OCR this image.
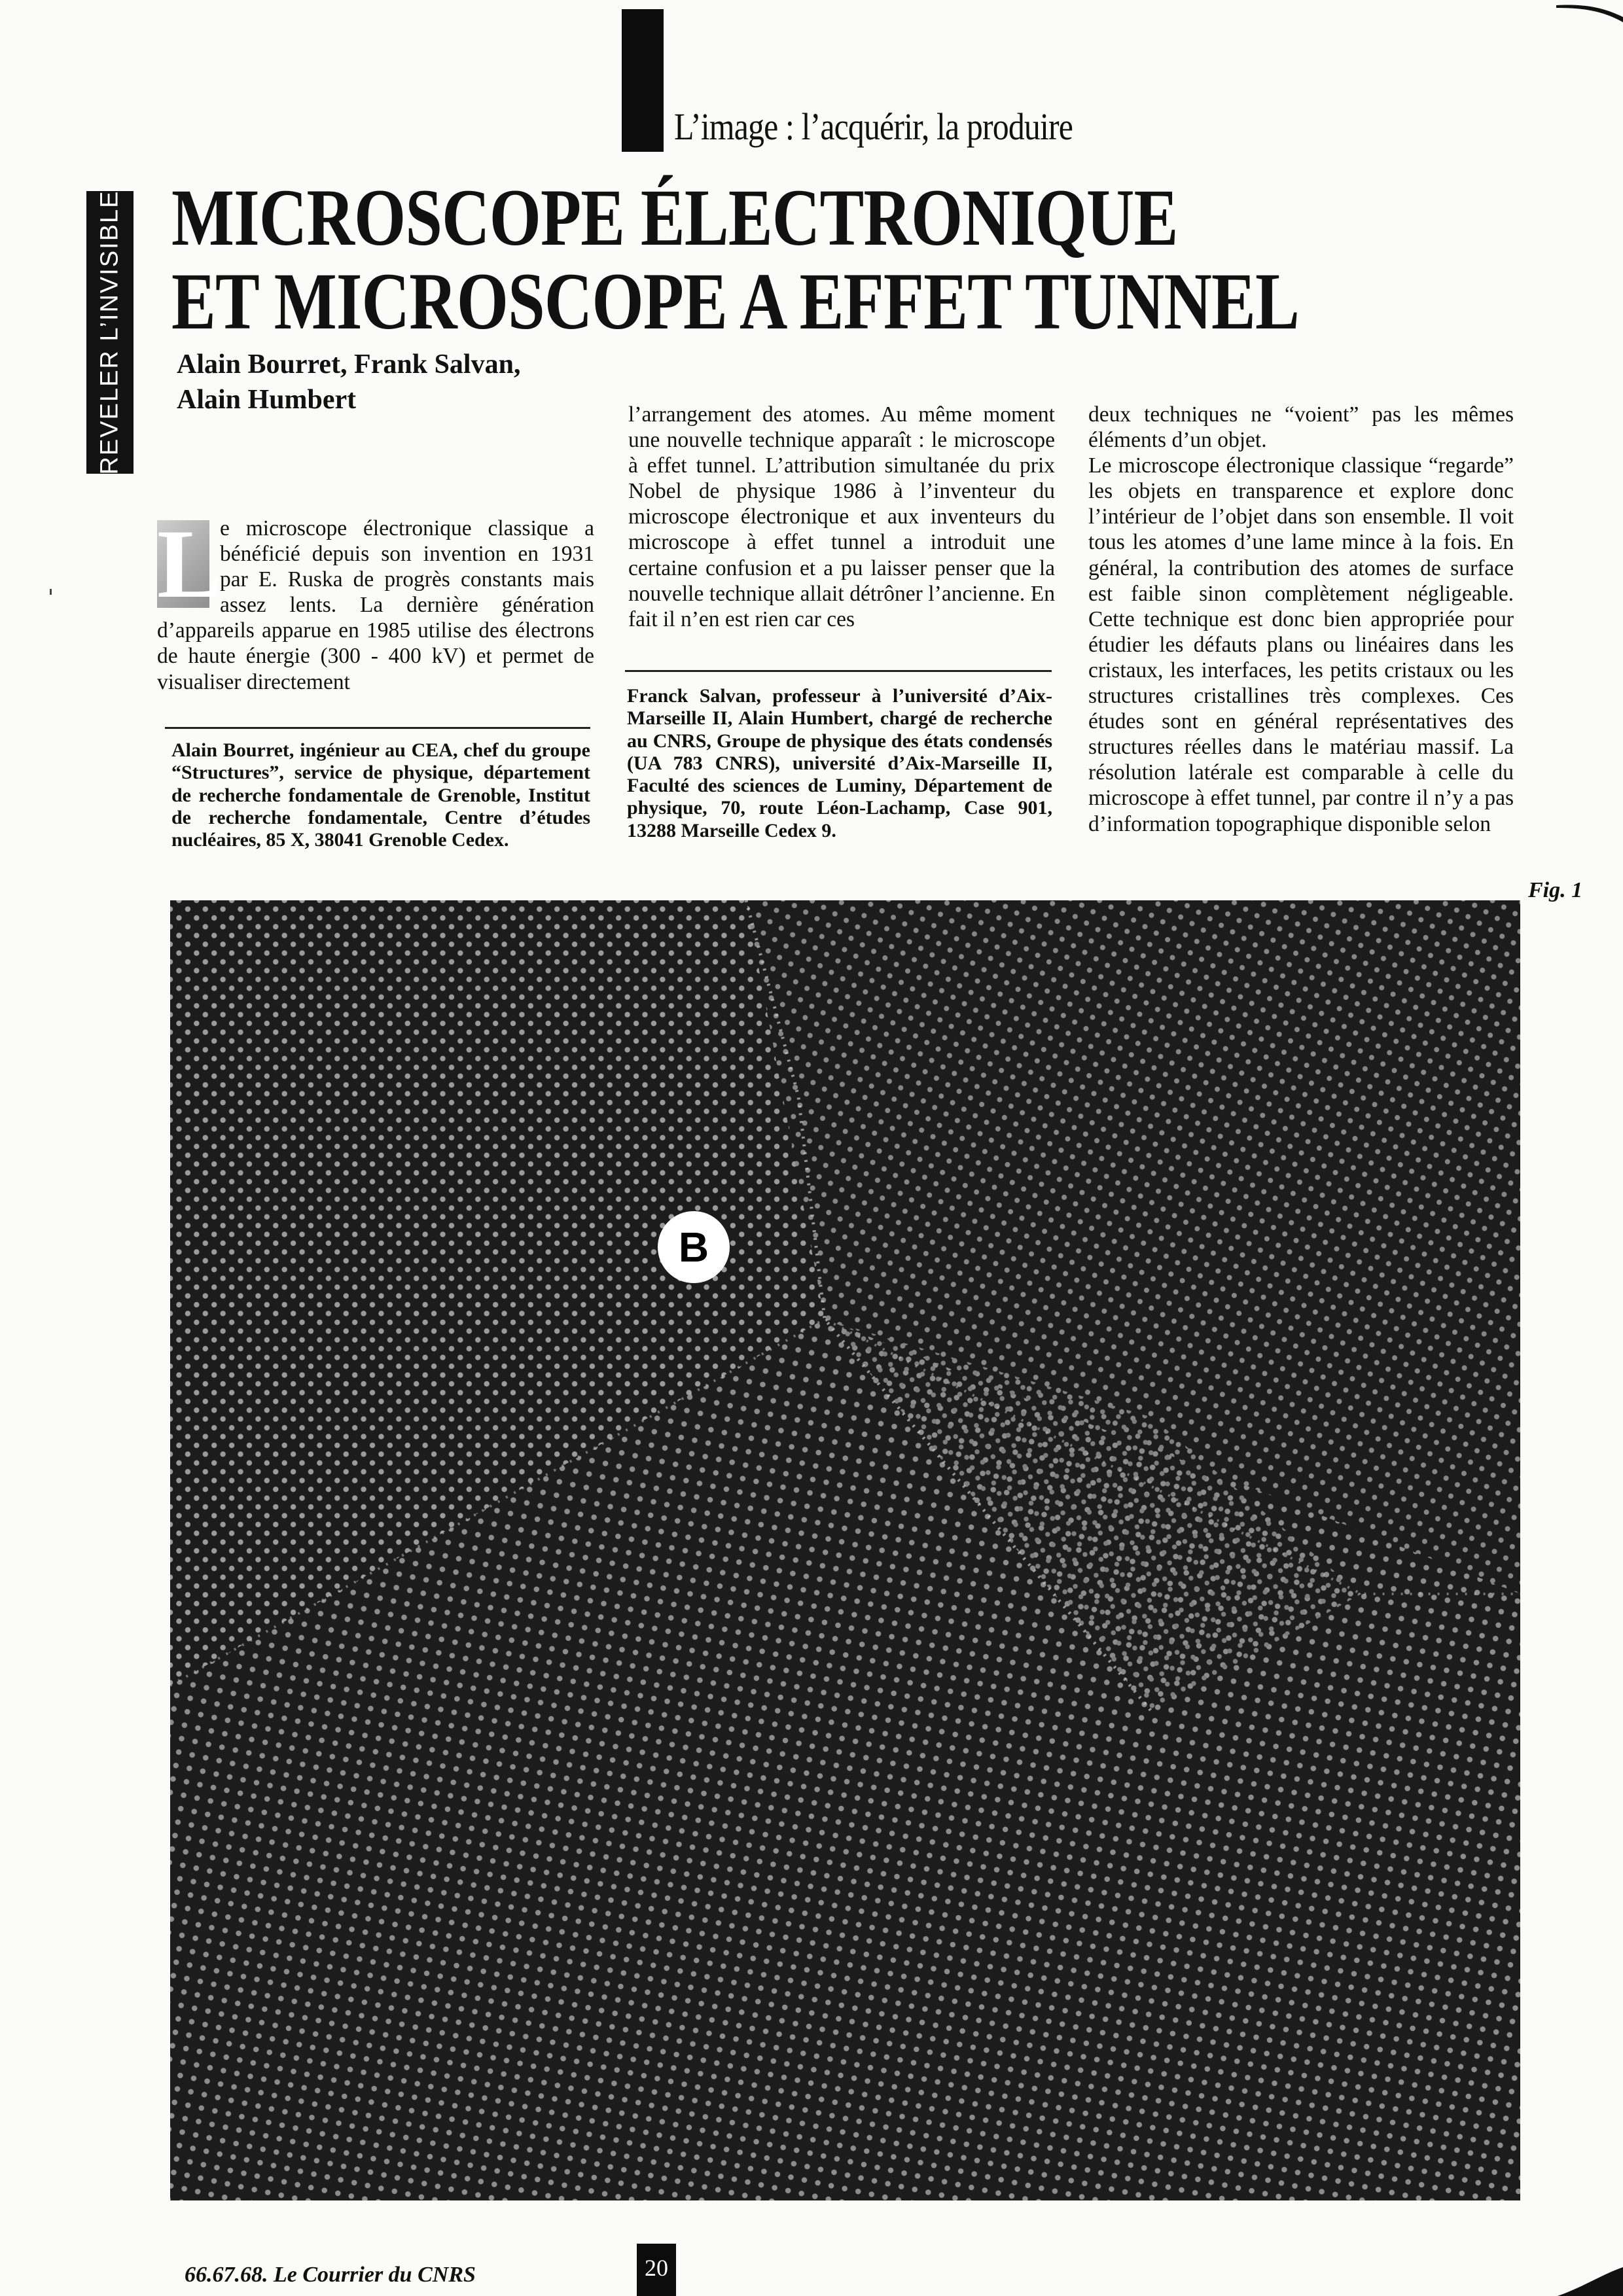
L’image : l’acquérir, la produire
REVELER L’INVISIBLE MICROSCOPE ÉLECTRONIQUE
ET MICROSCOPE A EFFET TUNNEL
Alain Bourret, Frank Salvan,
Alain Humbert
L

e microscope électronique classique a bénéficié depuis son invention en 1931 par E. Ruska de progrès constants mais assez lents. La dernière génération d’appareils apparue en 1985 utilise des électrons de haute énergie (300 - 400 kV) et permet de visualiser directement

l’arrangement des atomes. Au même moment une nouvelle technique apparaît : le microscope à effet tunnel. L’attribution simultanée du prix Nobel de physique 1986 à l’inventeur du microscope électronique et aux inventeurs du microscope à effet tunnel a introduit une certaine confusion et a pu laisser penser que la nouvelle technique allait détrôner l’ancienne. En fait il n’en est rien car ces

deux techniques ne “voient” pas les mêmes éléments d’un objet.

Le microscope électronique classique “regarde” les objets en transparence et explore donc l’intérieur de l’objet dans son ensemble. Il voit tous les atomes d’une lame mince à la fois. En général, la contribution des atomes de surface est faible sinon complètement négligeable. Cette technique est donc bien appropriée pour étudier les défauts plans ou linéaires dans les cristaux, les interfaces, les petits cristaux ou les structures cristallines très complexes. Ces études sont en général représentatives des structures réelles dans le matériau massif. La résolution latérale est comparable à celle du microscope à effet tunnel, par contre il n’y a pas d’information topographique disponible selon

Alain Bourret, ingénieur au CEA, chef du groupe “Structures”, service de physique, département de recherche fondamentale de Grenoble, Institut de recherche fondamentale, Centre d’études nucléaires, 85 X, 38041 Grenoble Cedex.

Franck Salvan, professeur à l’université d’Aix-Marseille II, Alain Humbert, chargé de recherche au CNRS, Groupe de physique des états condensés (UA 783 CNRS), université d’Aix-Marseille II, Faculté des sciences de Luminy, Département de physique, 70, route Léon-Lachamp, Case 901, 13288 Marseille Cedex 9.

Fig. 1
B
66.67.68. Le Courrier du CNRS	20
